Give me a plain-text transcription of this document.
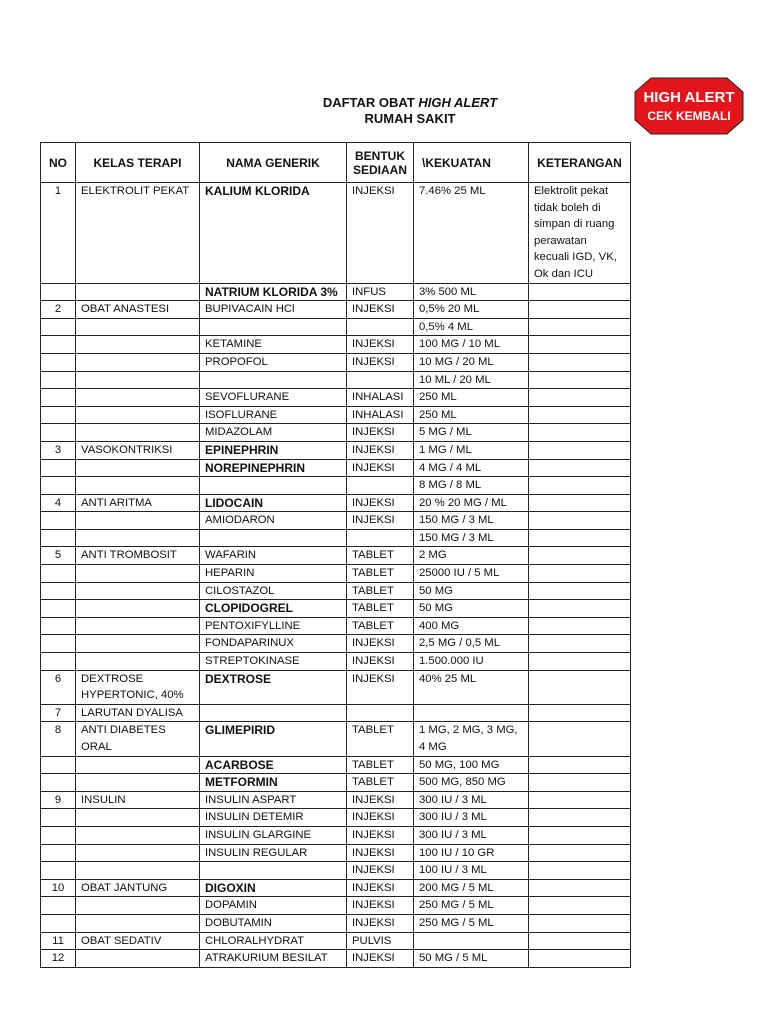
DAFTAR OBAT HIGH ALERT
RUMAH SAKIT
HIGH ALERT
CEK KEMBALI
NO	KELAS TERAPI	NAMA GENERIK	BENTUK SEDIAAN	\KEKUATAN	KETERANGAN
1	ELEKTROLIT PEKAT	KALIUM KLORIDA	INJEKSI	7.46% 25 ML	Elektrolit pekat tidak boleh di simpan di ruang perawatan kecuali IGD, VK, Ok dan ICU
		NATRIUM KLORIDA 3%	INFUS	3% 500 ML	
2	OBAT ANASTESI	BUPIVACAIN HCl	INJEKSI	0,5% 20 ML	
				0,5% 4 ML	
		KETAMINE	INJEKSI	100 MG / 10 ML	
		PROPOFOL	INJEKSI	10 MG / 20 ML	
				10 ML / 20 ML	
		SEVOFLURANE	INHALASI	250 ML	
		ISOFLURANE	INHALASI	250 ML	
		MIDAZOLAM	INJEKSI	5 MG / ML	
3	VASOKONTRIKSI	EPINEPHRIN	INJEKSI	1 MG / ML	
		NOREPINEPHRIN	INJEKSI	4 MG / 4 ML	
				8 MG / 8 ML	
4	ANTI ARITMA	LIDOCAIN	INJEKSI	20 % 20 MG / ML	
		AMIODARON	INJEKSI	150 MG / 3 ML	
				150 MG / 3 ML	
5	ANTI TROMBOSIT	WAFARIN	TABLET	2 MG	
		HEPARIN	TABLET	25000 IU / 5 ML	
		CILOSTAZOL	TABLET	50 MG	
		CLOPIDOGREL	TABLET	50 MG	
		PENTOXIFYLLINE	TABLET	400 MG	
		FONDAPARINUX	INJEKSI	2,5 MG / 0,5 ML	
		STREPTOKINASE	INJEKSI	1.500.000 IU	
6	DEXTROSE HYPERTONIC, 40%	DEXTROSE	INJEKSI	40% 25 ML	
7	LARUTAN DYALISA				
8	ANTI DIABETES ORAL	GLIMEPIRID	TABLET	1 MG, 2 MG, 3 MG, 4 MG	
		ACARBOSE	TABLET	50 MG, 100 MG	
		METFORMIN	TABLET	500 MG, 850 MG	
9	INSULIN	INSULIN ASPART	INJEKSI	300 IU / 3 ML	
		INSULIN DETEMIR	INJEKSI	300 IU / 3 ML	
		INSULIN GLARGINE	INJEKSI	300 IU / 3 ML	
		INSULIN REGULAR	INJEKSI	100 IU / 10 GR	
			INJEKSI	100 IU / 3 ML	
10	OBAT JANTUNG	DIGOXIN	INJEKSI	200 MG / 5 ML	
		DOPAMIN	INJEKSI	250 MG / 5 ML	
		DOBUTAMIN	INJEKSI	250 MG / 5 ML	
11	OBAT SEDATIV	CHLORALHYDRAT	PULVIS		
12		ATRAKURIUM BESILAT	INJEKSI	50 MG / 5 ML	
